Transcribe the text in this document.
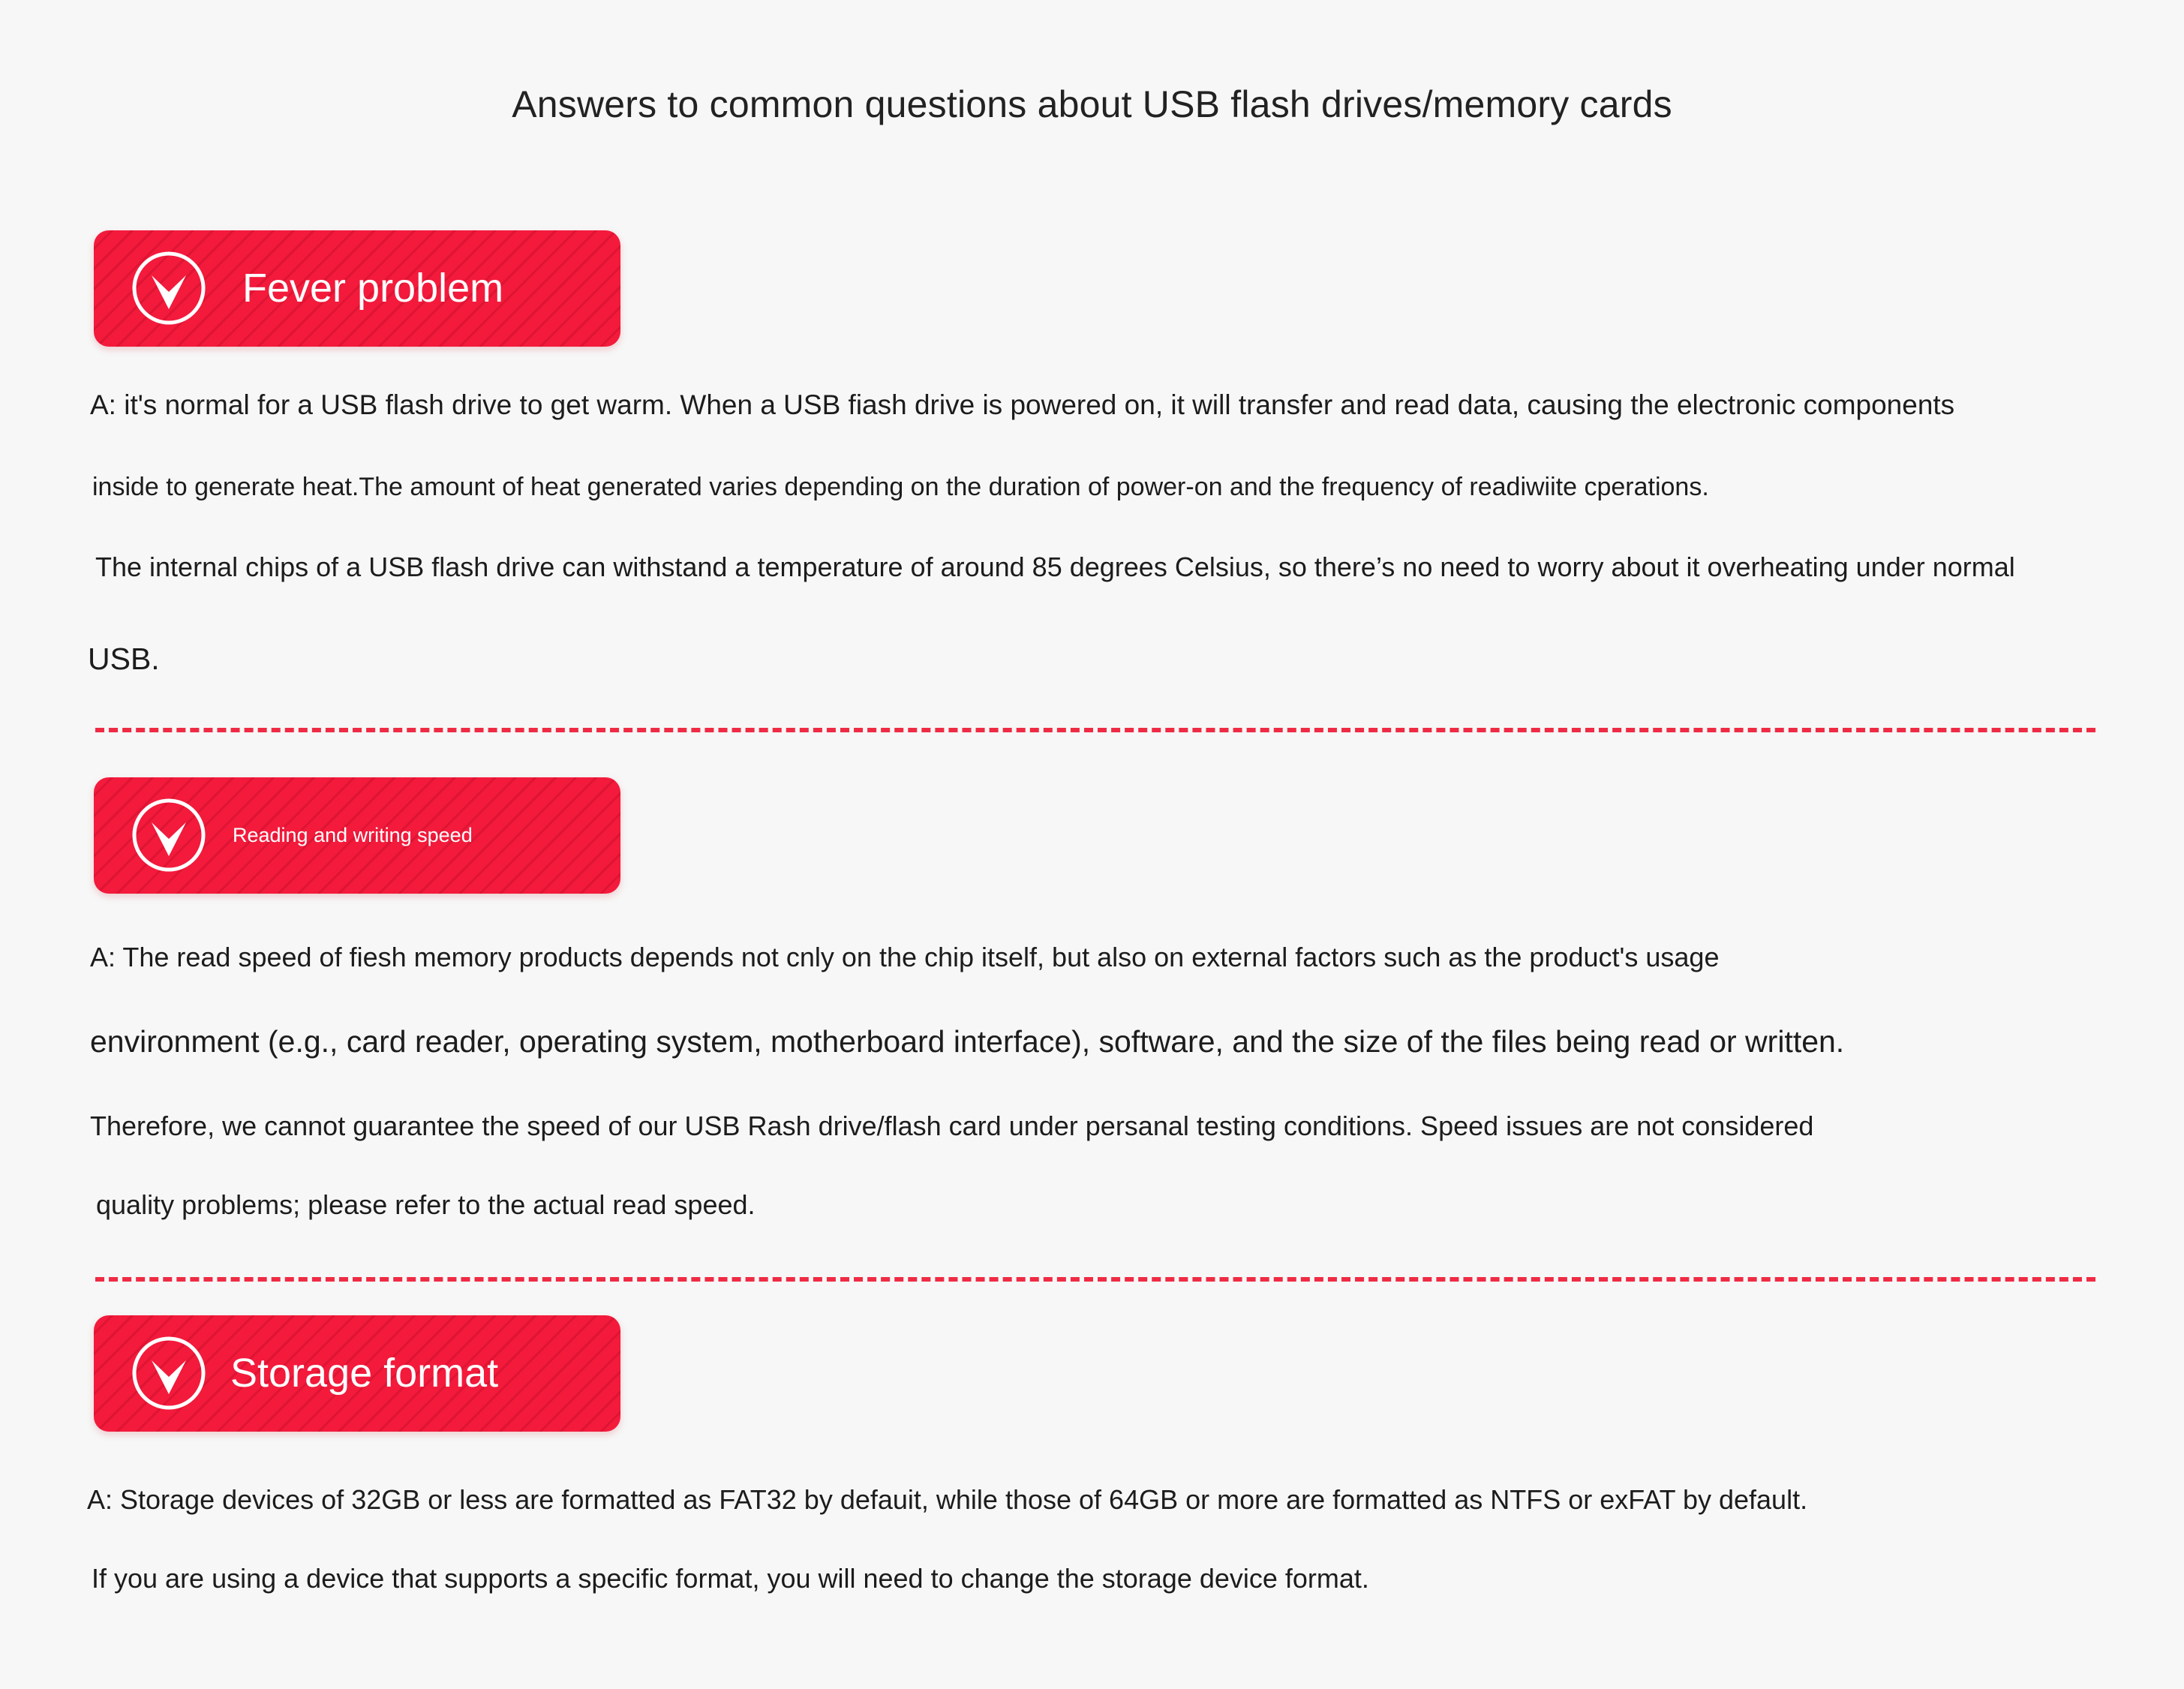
Answers to common questions about USB flash drives/memory cards
Fever problem
A: it's normal for a USB flash drive to get warm. When a USB fiash drive is powered on, it will transfer and read data, causing the electronic components
inside to generate heat.The amount of heat generated varies depending on the duration of power-on and the frequency of readiwiite cperations.
The internal chips of a USB flash drive can withstand a temperature of around 85 degrees Celsius, so there’s no need to worry about it overheating under normal
USB.
Reading and writing speed
A: The read speed of fiesh memory products depends not cnly on the chip itself, but also on external factors such as the product's usage
environment (e.g., card reader, operating system, motherboard interface), software, and the size of the files being read or written.
Therefore, we cannot guarantee the speed of our USB Rash drive/flash card under persanal testing conditions. Speed issues are not considered
quality problems; please refer to the actual read speed.
Storage format
A: Storage devices of 32GB or less are formatted as FAT32 by defauit, while those of 64GB or more are formatted as NTFS or exFAT by default.
If you are using a device that supports a specific format, you will need to change the storage device format.
